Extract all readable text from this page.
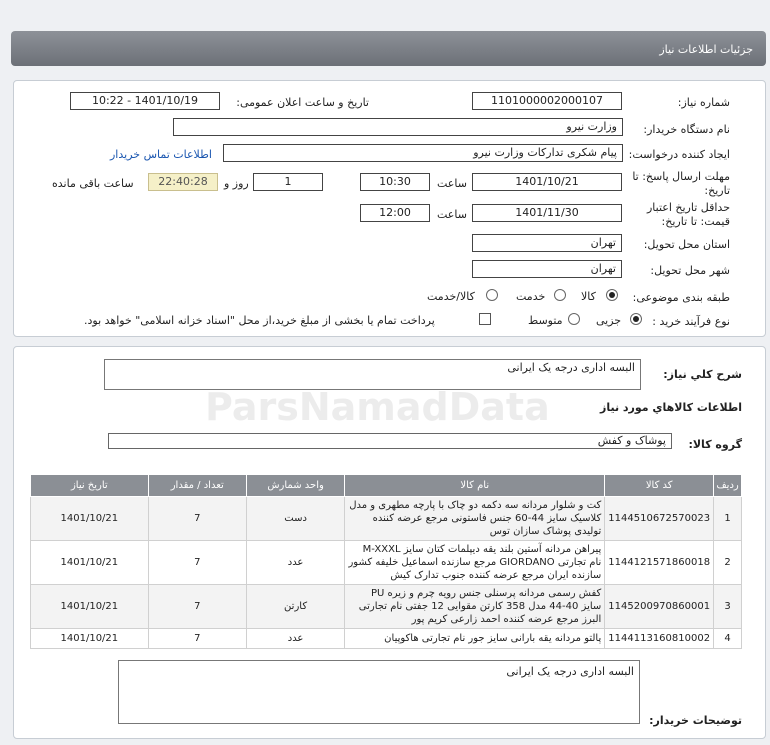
جزئیات اطلاعات نیاز
شماره نیاز:
1101000002000107
تاریخ و ساعت اعلان عمومی:
1401/10/19 - 10:22
نام دستگاه خریدار:
وزارت نیرو
ایجاد کننده درخواست:
پیام شکری تدارکات وزارت نیرو
اطلاعات تماس خریدار
مهلت ارسال پاسخ: تا
تاریخ:
1401/10/21
ساعت
10:30
1
روز و
22:40:28
ساعت باقی مانده
حداقل تاریخ اعتبار
قیمت: تا تاریخ:
1401/11/30
ساعت
12:00
استان محل تحویل:
تهران
شهر محل تحویل:
تهران
طبقه بندی موضوعی:
کالا
خدمت
کالا/خدمت
نوع فرآیند خرید :
جزیی
متوسط
پرداخت تمام یا بخشی از مبلغ خرید،از محل "اسناد خزانه اسلامی" خواهد بود.
شرح کلي نياز:
البسه اداری درجه یک ایرانی
اطلاعات کالاهاي مورد نياز
گروه کالا:
پوشاک و کفش
ردیف	کد کالا	نام کالا	واحد شمارش	تعداد / مقدار	تاریخ نیاز
1	1144510672570023	کت و شلوار مردانه سه دکمه دو چاک با پارچه مطهری و مدل کلاسیک سایز 44-60 جنس فاستونی مرجع عرضه کننده تولیدی پوشاک سازان توس	دست	7	1401/10/21
2	1144121571860018	پیراهن مردانه آستین بلند یقه دیپلمات کتان سایز M-XXXL نام تجارتی GIORDANO مرجع سازنده اسماعیل خلیفه کشور سازنده ایران مرجع عرضه کننده جنوب تدارک کیش	عدد	7	1401/10/21
3	1145200970860001	کفش رسمی مردانه پرسنلی جنس رویه چرم و زیره PU سایز 40-44 مدل 358 کارتن مقوایی 12 جفتی نام تجارتی البرز مرجع عرضه کننده احمد زارعی کریم پور	کارتن	7	1401/10/21
4	1144113160810002	پالتو مردانه یقه بارانی سایز جور نام تجارتی هاکوپیان	عدد	7	1401/10/21
توضیحات خریدار:
البسه اداری درجه یک ایرانی
